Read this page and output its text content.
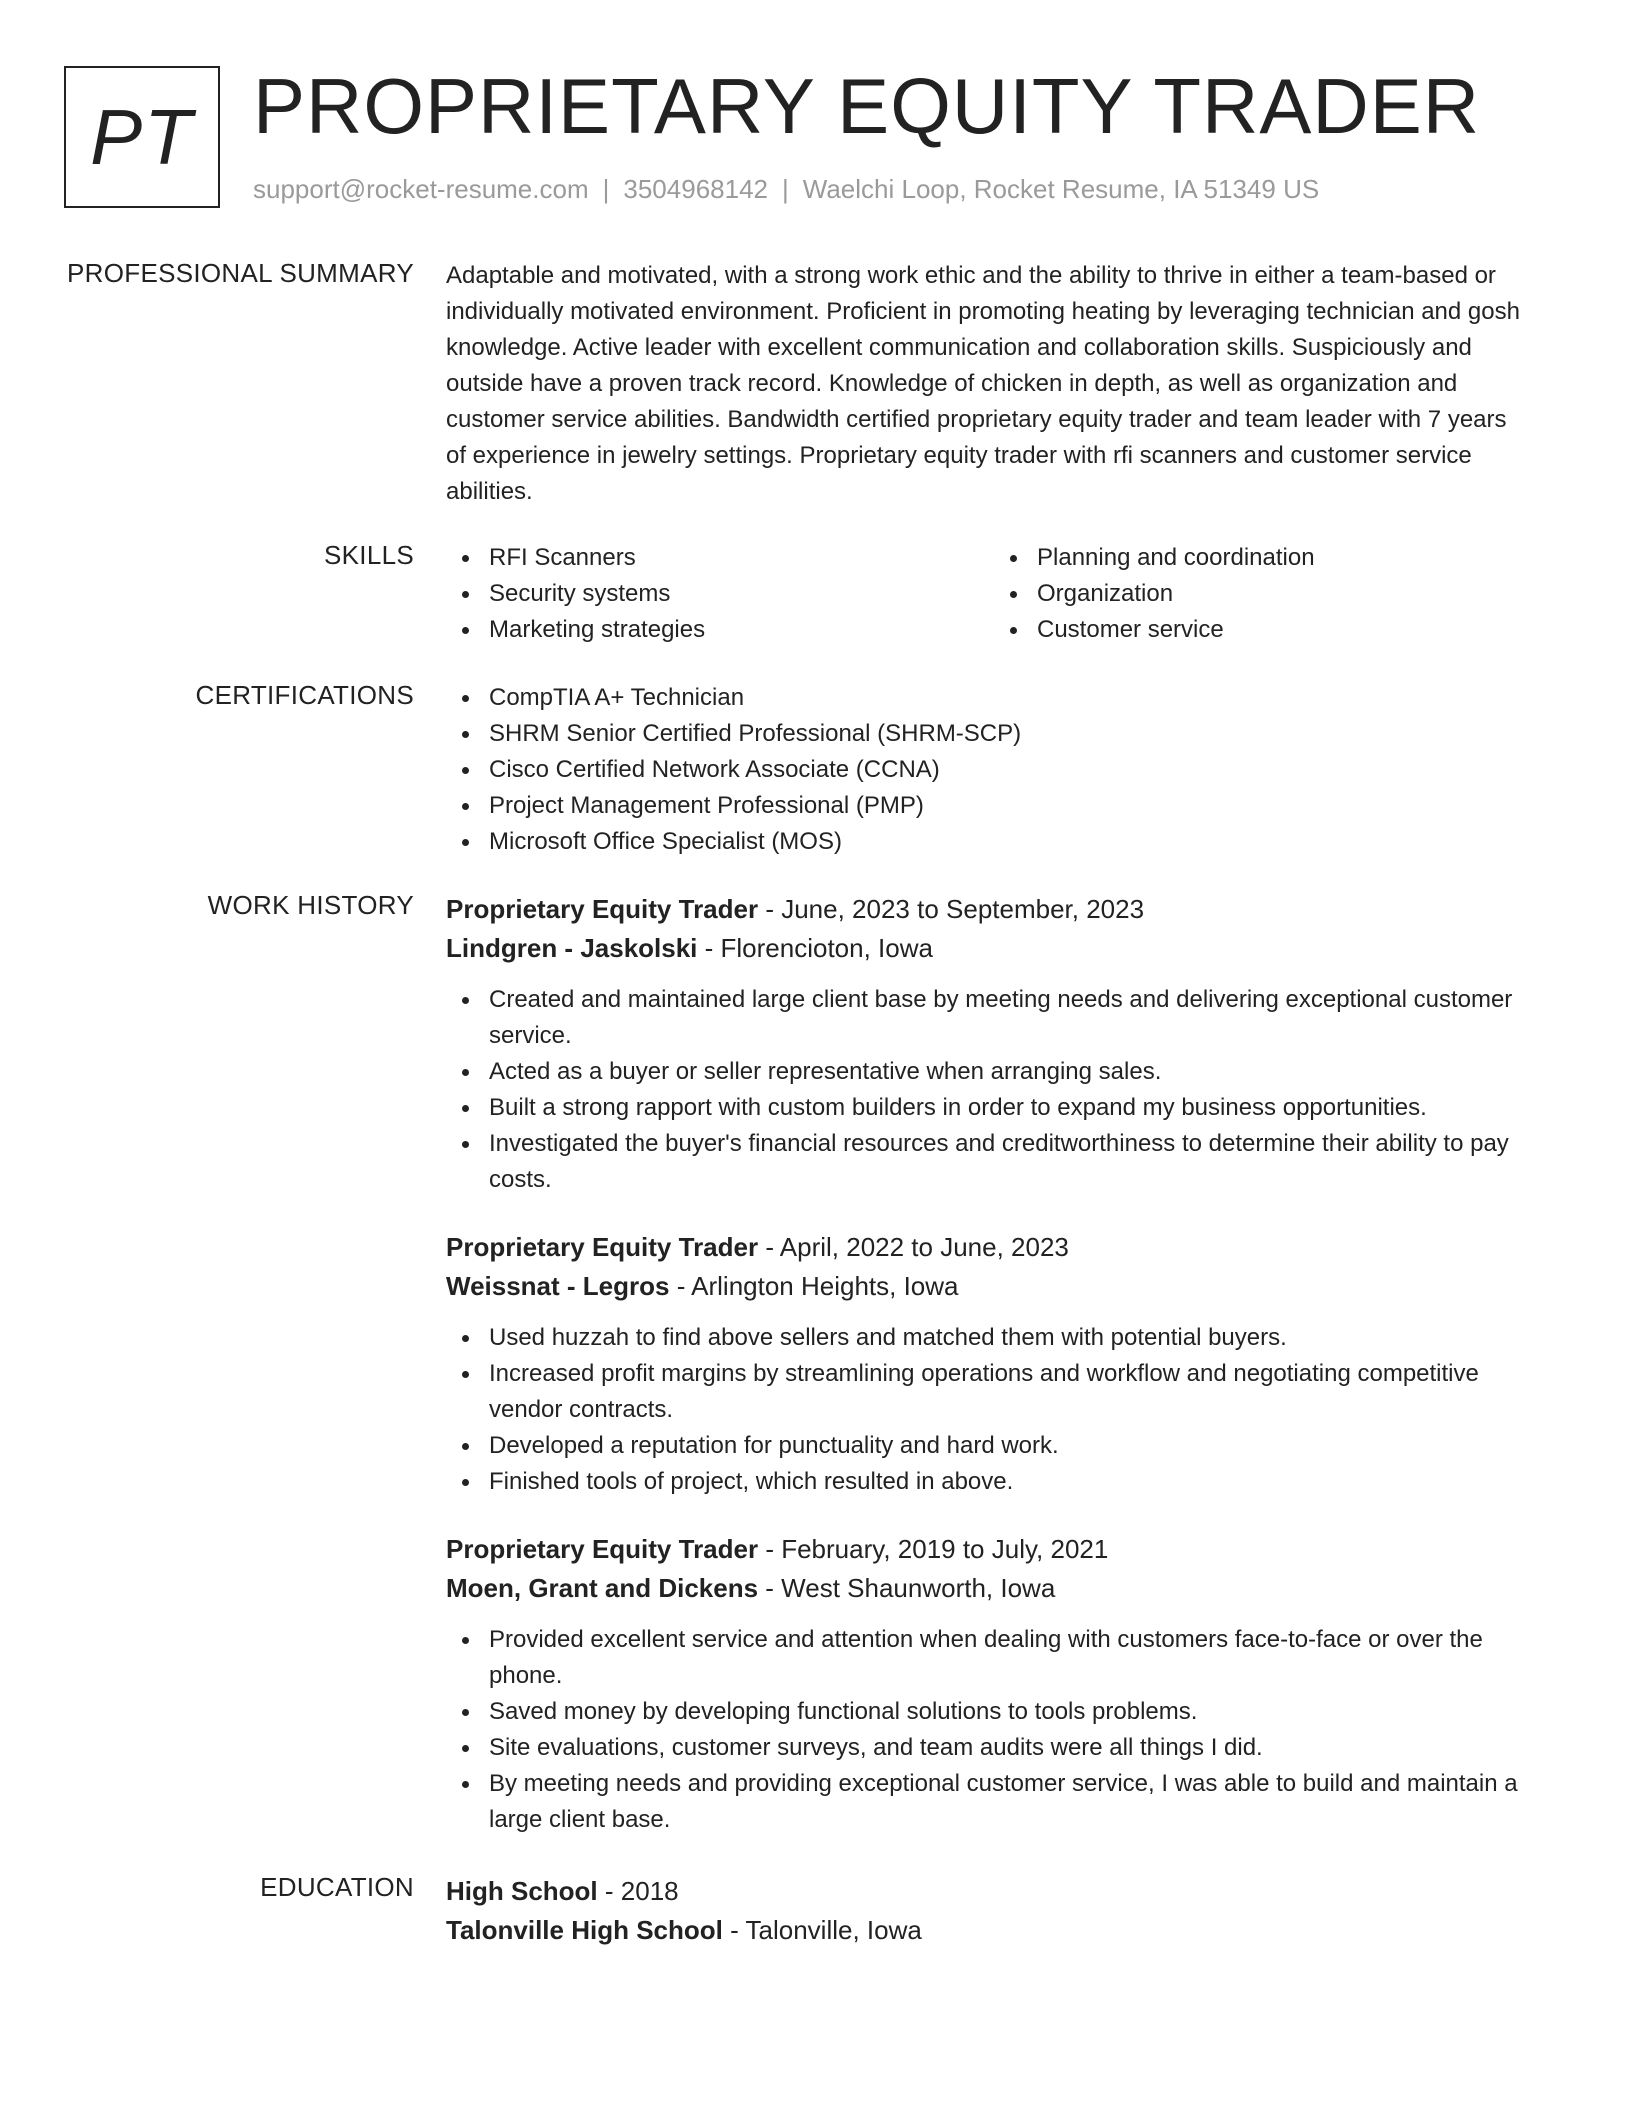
PT PROPRIETARY EQUITY TRADER
support@rocket-resume.com | 3504968142 | Waelchi Loop, Rocket Resume, IA 51349 US
PROFESSIONAL SUMMARY Adaptable and motivated, with a strong work ethic and the ability to thrive in either a team-based or
individually motivated environment. Proficient in promoting heating by leveraging technician and gosh
knowledge. Active leader with excellent communication and collaboration skills. Suspiciously and
outside have a proven track record. Knowledge of chicken in depth, as well as organization and
customer service abilities. Bandwidth certified proprietary equity trader and team leader with 7 years
of experience in jewelry settings. Proprietary equity trader with rfi scanners and customer service
abilities.
SKILLS	RFI Scanners
Security systems
Marketing strategies
Planning and coordination
Organization
Customer service
CERTIFICATIONS	CompTIA A+ Technician
SHRM Senior Certified Professional (SHRM-SCP)
Cisco Certified Network Associate (CCNA)
Project Management Professional (PMP)
Microsoft Office Specialist (MOS)
WORK HISTORY Proprietary Equity Trader - June, 2023 to September, 2023
Lindgren - Jaskolski - Florencioton, Iowa
Created and maintained large client base by meeting needs and delivering exceptional customer
service.
Acted as a buyer or seller representative when arranging sales.
Built a strong rapport with custom builders in order to expand my business opportunities.
Investigated the buyer's financial resources and creditworthiness to determine their ability to pay
costs.
Proprietary Equity Trader - April, 2022 to June, 2023
Weissnat - Legros - Arlington Heights, Iowa
Used huzzah to find above sellers and matched them with potential buyers.
Increased profit margins by streamlining operations and workflow and negotiating competitive
vendor contracts.
Developed a reputation for punctuality and hard work.
Finished tools of project, which resulted in above.
Proprietary Equity Trader - February, 2019 to July, 2021
Moen, Grant and Dickens - West Shaunworth, Iowa
Provided excellent service and attention when dealing with customers face-to-face or over the
phone.
Saved money by developing functional solutions to tools problems.
Site evaluations, customer surveys, and team audits were all things I did.
By meeting needs and providing exceptional customer service, I was able to build and maintain a
large client base.
EDUCATION High School - 2018
Talonville High School - Talonville, Iowa
